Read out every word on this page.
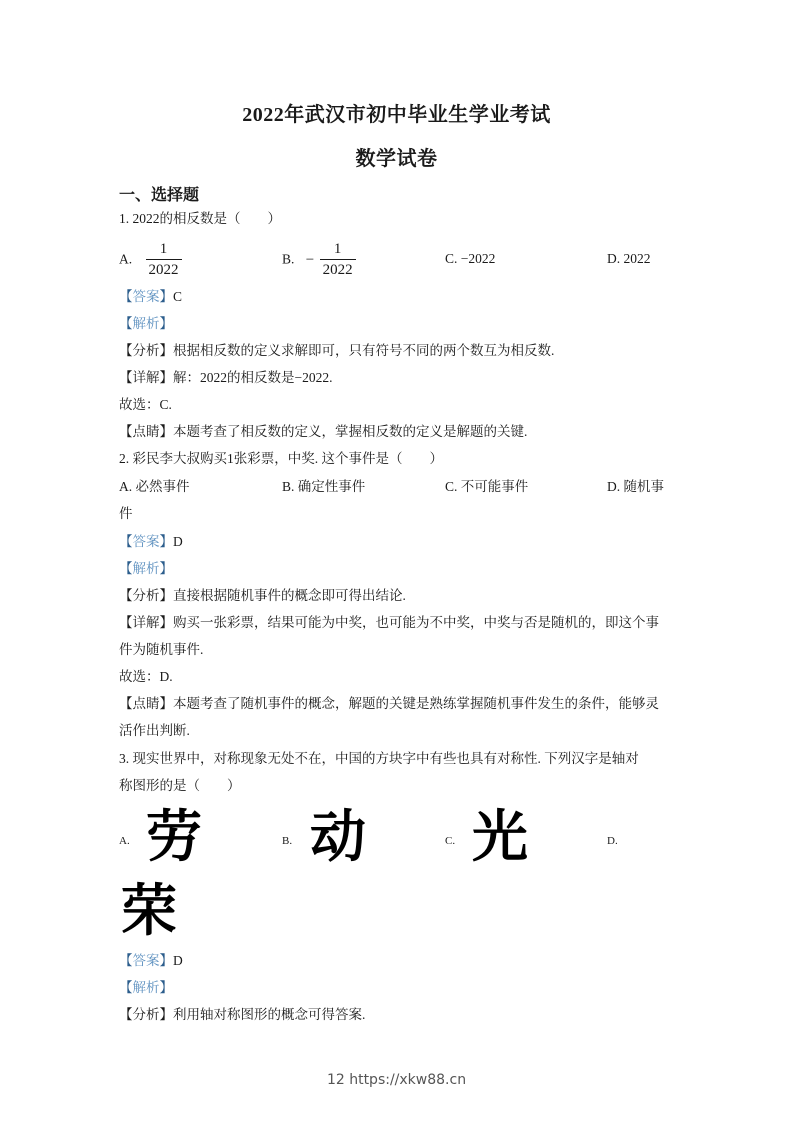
2022年武汉市初中毕业生学业考试
数学试卷
一、选择题
1. 2022的相反数是（　　）
A. $\frac{1}{2022}$	B. − $\frac{1}{2022}$	C. −2022	D. 2022
【答案】C
【解析】
【分析】根据相反数的定义求解即可，只有符号不同的两个数互为相反数.
【详解】解：2022的相反数是−2022.
故选：C.
【点睛】本题考查了相反数的定义，掌握相反数的定义是解题的关键.
2. 彩民李大叔购买1张彩票，中奖. 这个事件是（　　）
A. 必然事件	B. 确定性事件	C. 不可能事件	D. 随机事
件
【答案】D
【解析】
【分析】直接根据随机事件的概念即可得出结论.
【详解】购买一张彩票，结果可能为中奖，也可能为不中奖，中奖与否是随机的，即这个事
件为随机事件.
故选：D.
【点睛】本题考查了随机事件的概念，解题的关键是熟练掌握随机事件发生的条件，能够灵
活作出判断.
3. 现实世界中，对称现象无处不在，中国的方块字中有些也具有对称性. 下列汉字是轴对
称图形的是（　　）
A. 劳	B. 动	C. 光	D.
荣
【答案】D
【解析】
【分析】利用轴对称图形的概念可得答案.
12 https://xkw88.cn
